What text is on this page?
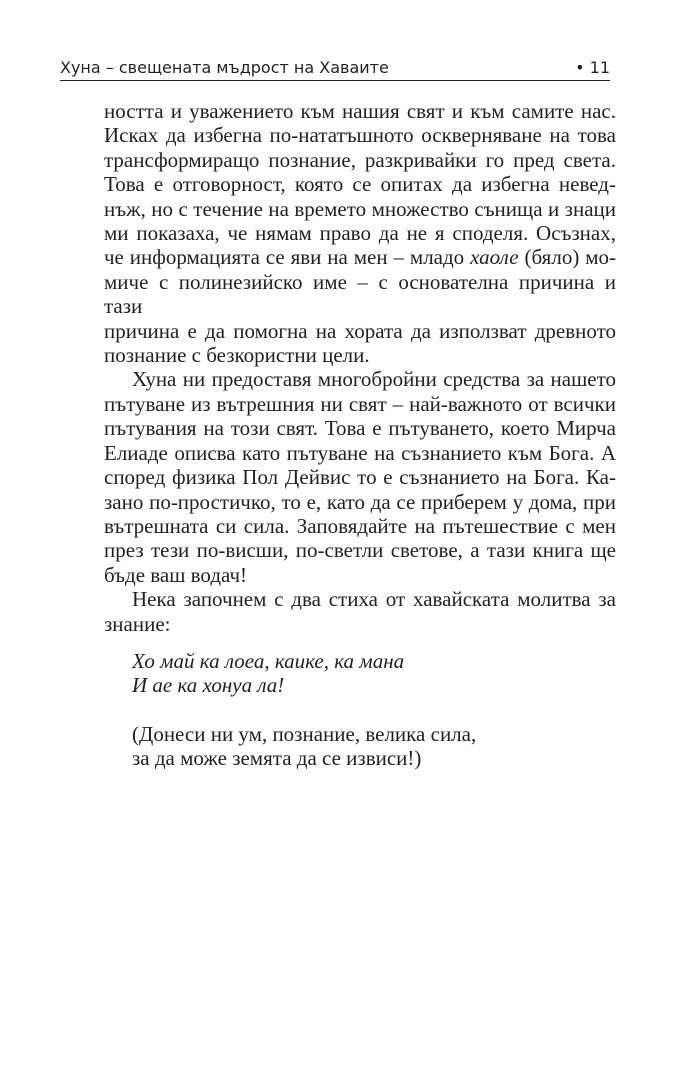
Хуна – свещената мъдрост на Хаваите	• 11

ността и уважението към нашия свят и към самите нас.
Исках да избегна по-нататъшното оскверняване на това
трансформиращо познание, разкривайки го пред света.
Това е отговорност, която се опитах да избегна невед-
нъж, но с течение на времето множество сънища и знаци
ми показаха, че нямам право да не я споделя. Осъзнах,
че информацията се яви на мен – младо хаоле (бяло) мо-
миче с полинезийско име – с основателна причина и тази
причина е да помогна на хората да използват древното
познание с безкористни цели.

Хуна ни предоставя многобройни средства за нашето
пътуване из вътрешния ни свят – най-важното от всички
пътувания на този свят. Това е пътуването, което Мирча
Елиаде описва като пътуване на съзнанието към Бога. А
според физика Пол Дейвис то е съзнанието на Бога. Ка-
зано по-простичко, то е, като да се приберем у дома, при
вътрешната си сила. Заповядайте на пътешествие с мен
през тези по-висши, по-светли светове, а тази книга ще
бъде ваш водач!

Нека започнем с два стиха от хавайската молитва за
знание:

Хо май ка лоеа, каике, ка мана
И ае ка хонуа ла!
(Донеси ни ум, познание, велика сила,
за да може земята да се извиси!)
